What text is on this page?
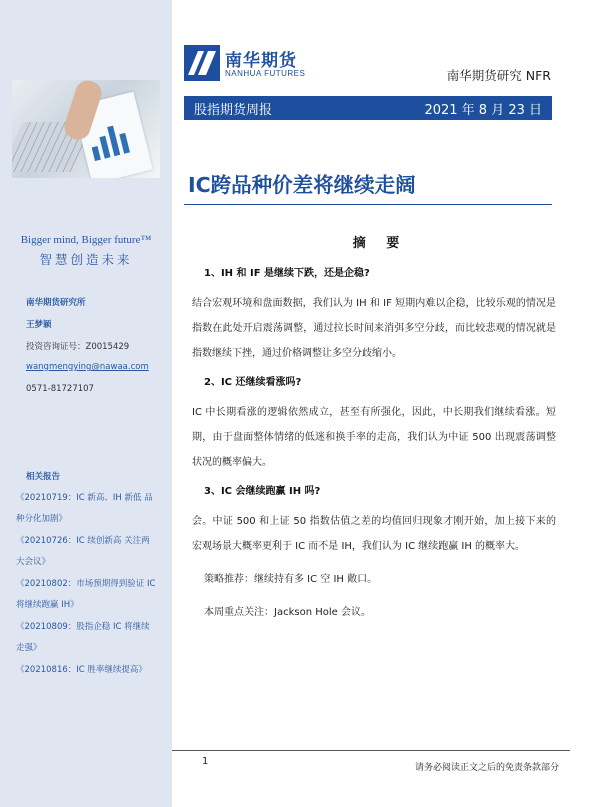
Bigger mind, Bigger future™
智慧创造未来
南华期货研究所
王梦颖
投资咨询证号：Z0015429
wangmengying@nawaa.com
0571-81727107
相关报告
《20210719：IC 新高、IH 新低 品种分化加剧》
《20210726：IC 续创新高 关注两大会议》
《20210802：市场预期得到验证 IC 将继续跑赢 IH》
《20210809：股指企稳 IC 将继续走强》
《20210816：IC 胜率继续提高》
南华期货
NANHUA FUTURES	南华期货研究 NFR
股指期货周报	2021 年 8 月 23 日
IC跨品种价差将继续走阔
摘 要
1、IH 和 IF 是继续下跌，还是企稳?
结合宏观环境和盘面数据，我们认为 IH 和 IF 短期内难以企稳，比较乐观的情况是指数在此处开启震荡调整，通过拉长时间来消弭多空分歧，而比较悲观的情况就是指数继续下挫，通过价格调整让多空分歧缩小。
2、IC 还继续看涨吗?
IC 中长期看涨的逻辑依然成立，甚至有所强化，因此，中长期我们继续看涨。短期，由于盘面整体情绪的低迷和换手率的走高，我们认为中证 500 出现震荡调整状况的概率偏大。
3、IC 会继续跑赢 IH 吗?
会。中证 500 和上证 50 指数估值之差的均值回归现象才刚开始，加上接下来的宏观场景大概率更利于 IC 而不是 IH，我们认为 IC 继续跑赢 IH 的概率大。
策略推荐：继续持有多 IC 空 IH 敞口。
本周重点关注：Jackson Hole 会议。
1
请务必阅读正文之后的免责条款部分
